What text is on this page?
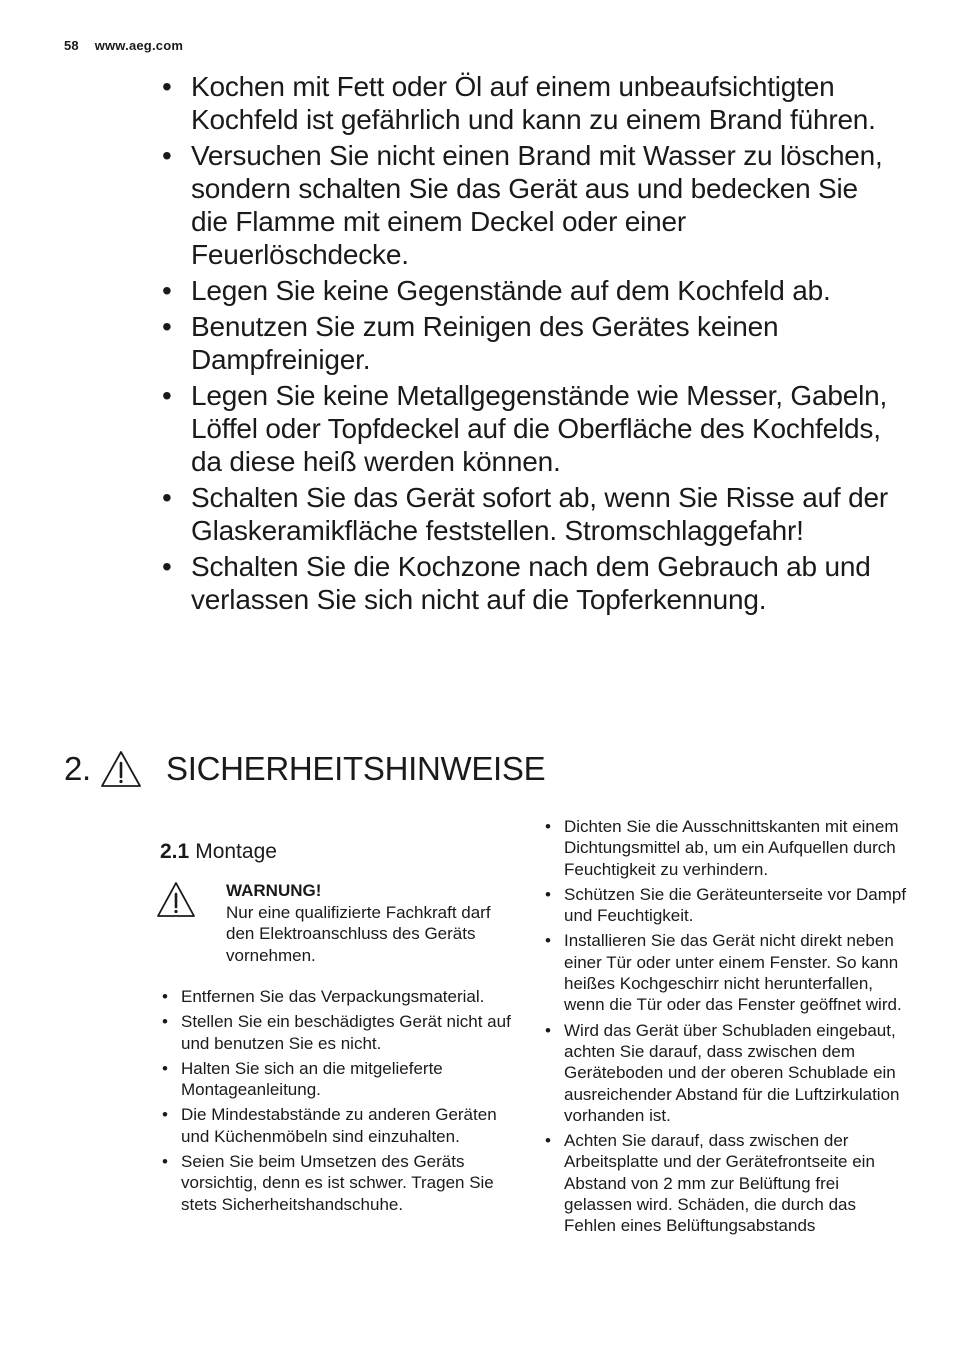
58 www.aeg.com
• Kochen mit Fett oder Öl auf einem unbeaufsichtigten Kochfeld ist gefährlich und kann zu einem Brand führen.
• Versuchen Sie nicht einen Brand mit Wasser zu löschen, sondern schalten Sie das Gerät aus und bedecken Sie die Flamme mit einem Deckel oder einer Feuerlöschdecke.
• Legen Sie keine Gegenstände auf dem Kochfeld ab.
• Benutzen Sie zum Reinigen des Gerätes keinen Dampfreiniger.
• Legen Sie keine Metallgegenstände wie Messer, Gabeln, Löffel oder Topfdeckel auf die Oberfläche des Kochfelds, da diese heiß werden können.
• Schalten Sie das Gerät sofort ab, wenn Sie Risse auf der Glaskeramikfläche feststellen. Stromschlaggefahr!
• Schalten Sie die Kochzone nach dem Gebrauch ab und verlassen Sie sich nicht auf die Topferkennung.
2. SICHERHEITSHINWEISE
2.1 Montage
WARNUNG!
Nur eine qualifizierte Fachkraft darf den Elektroanschluss des Geräts vornehmen.
• Entfernen Sie das Verpackungsmaterial.
• Stellen Sie ein beschädigtes Gerät nicht auf und benutzen Sie es nicht.
• Halten Sie sich an die mitgelieferte Montageanleitung.
• Die Mindestabstände zu anderen Geräten und Küchenmöbeln sind einzuhalten.
• Seien Sie beim Umsetzen des Geräts vorsichtig, denn es ist schwer. Tragen Sie stets Sicherheitshandschuhe.
• Dichten Sie die Ausschnittskanten mit einem Dichtungsmittel ab, um ein Aufquellen durch Feuchtigkeit zu verhindern.
• Schützen Sie die Geräteunterseite vor Dampf und Feuchtigkeit.
• Installieren Sie das Gerät nicht direkt neben einer Tür oder unter einem Fenster. So kann heißes Kochgeschirr nicht herunterfallen, wenn die Tür oder das Fenster geöffnet wird.
• Wird das Gerät über Schubladen eingebaut, achten Sie darauf, dass zwischen dem Geräteboden und der oberen Schublade ein ausreichender Abstand für die Luftzirkulation vorhanden ist.
• Achten Sie darauf, dass zwischen der Arbeitsplatte und der Gerätefrontseite ein Abstand von 2 mm zur Belüftung frei gelassen wird. Schäden, die durch das Fehlen eines Belüftungsabstands
